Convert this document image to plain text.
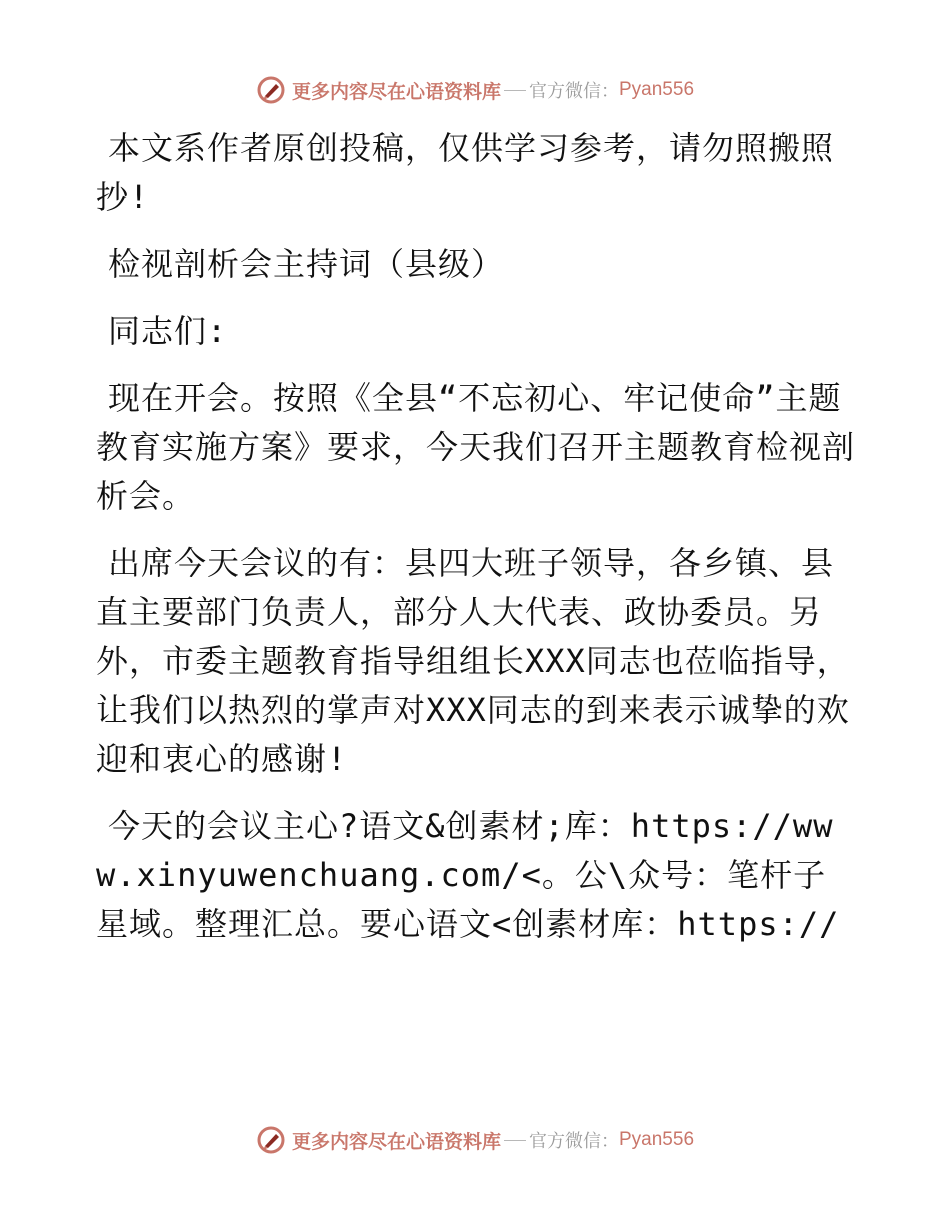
更多内容尽在心语资料库 官方微信： Pyan556

本文系作者原创投稿，仅供学习参考，请勿照搬照抄!

检视剖析会主持词（县级）

同志们:

现在开会。按照《全县“不忘初心、牢记使命”主题教育实施方案》要求，今天我们召开主题教育检视剖析会。

出席今天会议的有：县四大班子领导，各乡镇、县直主要部门负责人，部分人大代表、政协委员。另外，市委主题教育指导组组长XXX同志也莅临指导，让我们以热烈的掌声对XXX同志的到来表示诚挚的欢迎和衷心的感谢!

今天的会议主心?语文&创素材;库：https://www.xinyuwenchuang.com/<。公\众号：笔杆子星域。整理汇总。要心语文<创素材库：https://

更多内容尽在心语资料库 官方微信： Pyan556
